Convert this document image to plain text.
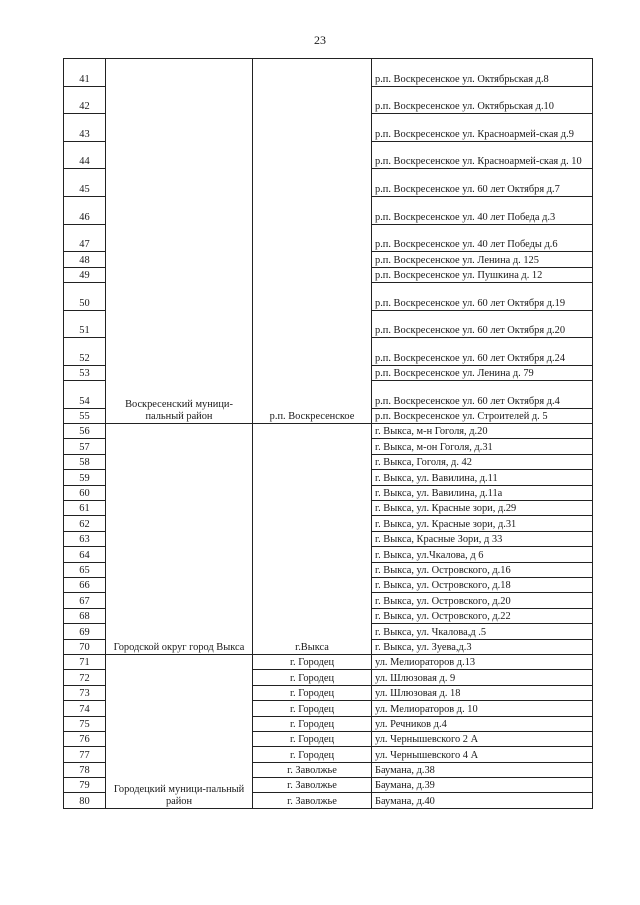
23
41	Воскресенский муници-пальный район	р.п. Воскресенское	р.п. Воскресенское ул. Октябрьская д.8
42			р.п. Воскресенское ул. Октябрьская д.10
43			р.п. Воскресенское ул. Красноармей-ская д.9
44			р.п. Воскресенское ул. Красноармей-ская д. 10
45			р.п. Воскресенское ул. 60 лет Октября д.7
46			р.п. Воскресенское ул. 40 лет Победа д.3
47			р.п. Воскресенское ул. 40 лет Победы д.6
48			р.п. Воскресенское ул. Ленина д. 125
49			р.п. Воскресенское ул. Пушкина д. 12
50			р.п. Воскресенское ул. 60 лет Октября д.19
51			р.п. Воскресенское ул. 60 лет Октября д.20
52			р.п. Воскресенское ул. 60 лет Октября д.24
53			р.п. Воскресенское ул. Ленина д. 79
54			р.п. Воскресенское ул. 60 лет Октября д.4
55			р.п. Воскресенское ул. Строителей д. 5
56	Городской округ город Выкса	г.Выкса	г. Выкса, м-н Гоголя, д.20
57			г. Выкса, м-он Гоголя, д.31
58			г. Выкса, Гоголя, д. 42
59			г. Выкса, ул. Вавилина, д.11
60			г. Выкса, ул. Вавилина, д.11а
61			г. Выкса, ул. Красные зори, д.29
62			г. Выкса, ул. Красные зори, д.31
63			г. Выкса, Красные Зори, д 33
64			г. Выкса, ул.Чкалова, д 6
65			г. Выкса, ул. Островского, д.16
66			г. Выкса, ул. Островского, д.18
67			г. Выкса, ул. Островского, д.20
68			г. Выкса, ул. Островского, д.22
69			г. Выкса, ул. Чкалова,д .5
70			г. Выкса, ул. Зуева,д.3
71	Городецкий муници-пальный район	г. Городец	ул. Мелиораторов д.13
72		г. Городец	ул. Шлюзовая д. 9
73		г. Городец	ул. Шлюзовая д. 18
74		г. Городец	ул. Мелиораторов д. 10
75		г. Городец	ул. Речников д.4
76		г. Городец	ул. Чернышевского 2 А
77		г. Городец	ул. Чернышевского 4 А
78		г. Заволжье	Баумана, д.38
79		г. Заволжье	Баумана, д.39
80		г. Заволжье	Баумана, д.40
